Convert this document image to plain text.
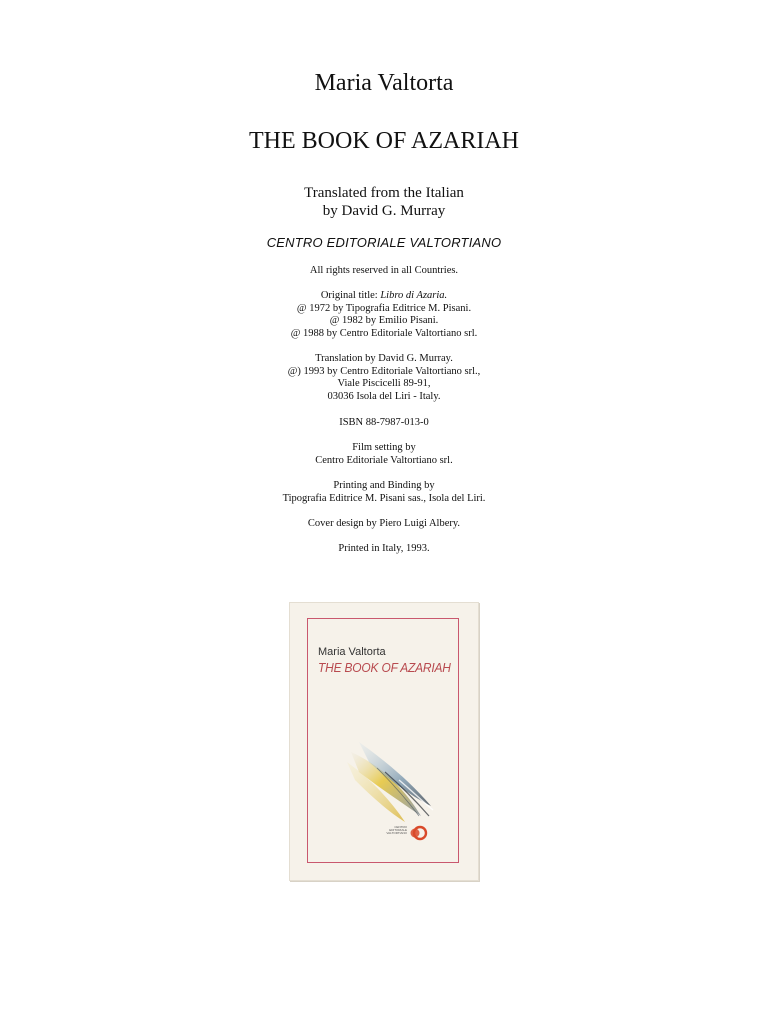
Maria Valtorta
THE BOOK OF AZARIAH
Translated from the Italian
by David G. Murray
CENTRO EDITORIALE VALTORTIANO
All rights reserved in all Countries.
Original title: Libro di Azaria.
@ 1972 by Tipografia Editrice M. Pisani.
@ 1982 by Emilio Pisani.
@ 1988 by Centro Editoriale Valtortiano srl.
Translation by David G. Murray.
@) 1993 by Centro Editoriale Valtortiano srl.,
Viale Piscicelli 89-91,
03036 Isola del Liri - Italy.
ISBN 88-7987-013-0
Film setting by
Centro Editoriale Valtortiano srl.
Printing and Binding by
Tipografia Editrice M. Pisani sas., Isola del Liri.
Cover design by Piero Luigi Albery.
Printed in Italy, 1993.
Maria Valtorta
THE BOOK OF AZARIAH
CENTRO EDITORIALE VALTORTIANO
